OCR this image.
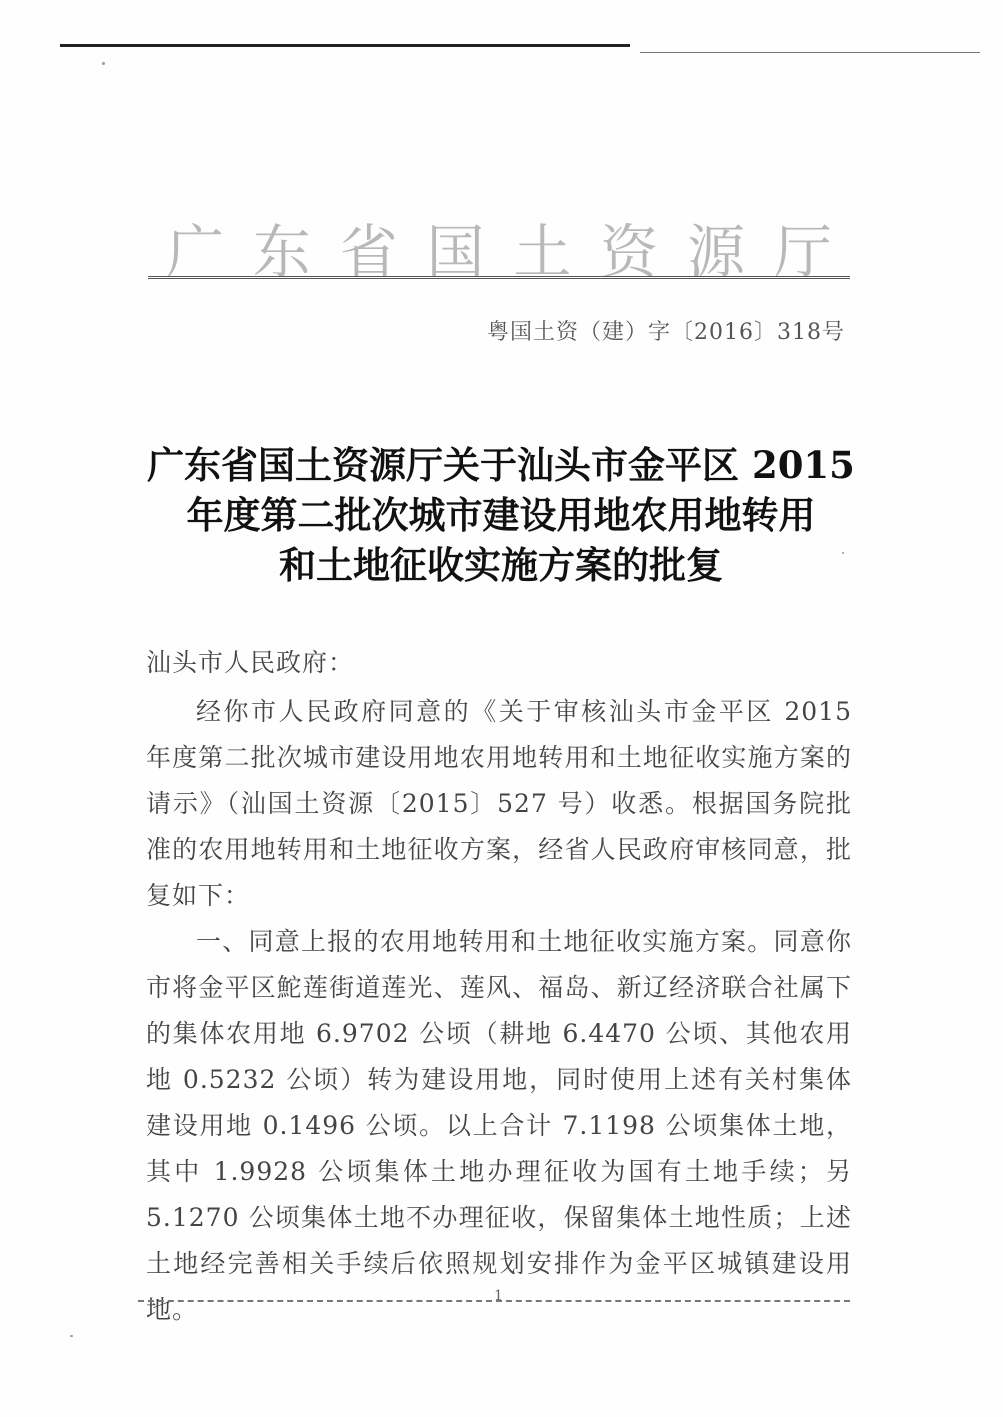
广 东 省 国 土 资 源 厅
粤国土资（建）字〔2016〕318号
广东省国土资源厅关于汕头市金平区 2015
年度第二批次城市建设用地农用地转用
和土地征收实施方案的批复

汕头市人民政府：

经你市人民政府同意的《关于审核汕头市金平区 2015 年度第二批次城市建设用地农用地转用和土地征收实施方案的请示》（汕国土资源〔2015〕527 号）收悉。根据国务院批准的农用地转用和土地征收方案，经省人民政府审核同意，批复如下：

一、同意上报的农用地转用和土地征收实施方案。同意你市将金平区鮀莲街道莲光、莲风、福岛、新辽经济联合社属下的集体农用地 6.9702 公顷（耕地 6.4470 公顷、其他农用地 0.5232 公顷）转为建设用地，同时使用上述有关村集体建设用地 0.1496 公顷。以上合计 7.1198 公顷集体土地，其中 1.9928 公顷集体土地办理征收为国有土地手续；另 5.1270 公顷集体土地不办理征收，保留集体土地性质；上述土地经完善相关手续后依照规划安排作为金平区城镇建设用地。	1
